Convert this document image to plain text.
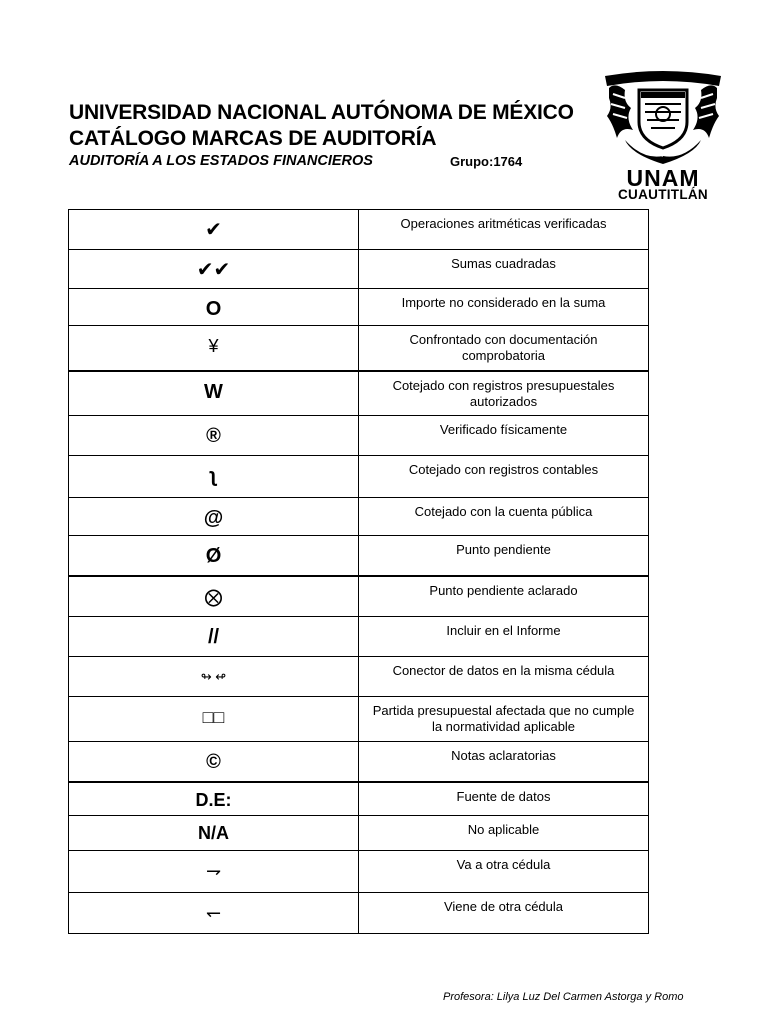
UNIVERSIDAD NACIONAL AUTÓNOMA DE MÉXICO
CATÁLOGO MARCAS DE AUDITORÍA
AUDITORÍA A LOS ESTADOS FINANCIEROS	Grupo:1764
UNAM
CUAUTITLÁN
✔	Operaciones aritméticas verificadas
✔✔	Sumas cuadradas
O	Importe no considerado en la suma
¥	Confrontado con documentación comprobatoria
W	Cotejado con registros presupuestales autorizados
®	Verificado físicamente
ʅ	Cotejado con registros contables
@	Cotejado con la cuenta pública
Ø	Punto pendiente
⨂	Punto pendiente aclarado
//	Incluir en el Informe
↬ ↫	Conector de datos en la misma cédula
□□	Partida presupuestal afectada que no cumple la normatividad aplicable
©	Notas aclaratorias
D.E:	Fuente de datos
N/A	No aplicable
⇁	Va a otra cédula
↽	Viene de otra cédula
Profesora: Lilya Luz Del Carmen Astorga y Romo
